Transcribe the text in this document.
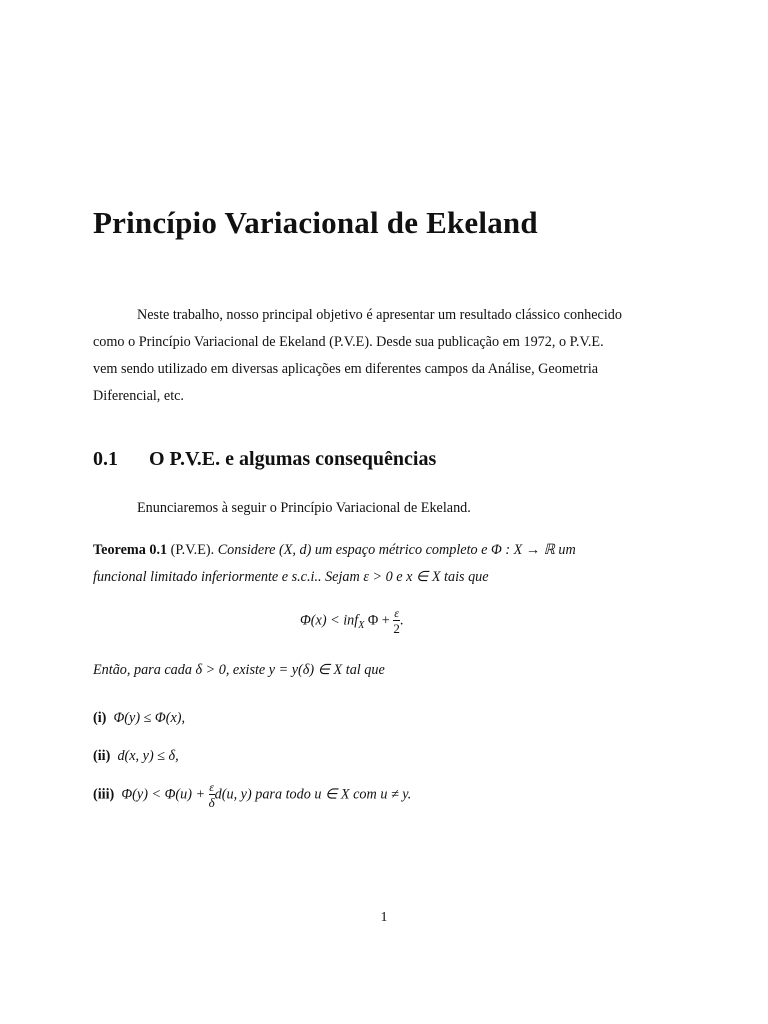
Princípio Variacional de Ekeland

Neste trabalho, nosso principal objetivo é apresentar um resultado clássico conhecido
como o Princípio Variacional de Ekeland (P.V.E). Desde sua publicação em 1972, o P.V.E.
vem sendo utilizado em diversas aplicações em diferentes campos da Análise, Geometria
Diferencial, etc.

0.1 O P.V.E. e algumas consequências
Enunciaremos à seguir o Princípio Variacional de Ekeland.
Teorema 0.1 (P.V.E). Considere (X, d) um espaço métrico completo e Φ : X → ℝ um
funcional limitado inferiormente e s.c.i.. Sejam ε > 0 e x ∈ X tais que
Φ(x) < inf$_X$ $\Phi + \frac{\varepsilon}{2}$ .
Então, para cada δ > 0, existe y = y(δ) ∈ X tal que
(i) Φ(y) ≤ Φ(x),
(ii) d(x, y) ≤ δ,
(iii) $\Phi(y) < \Phi(u) + \frac{\varepsilon}{\delta} d(u$, y) para todo u ∈ X com u ≠ y.
1
